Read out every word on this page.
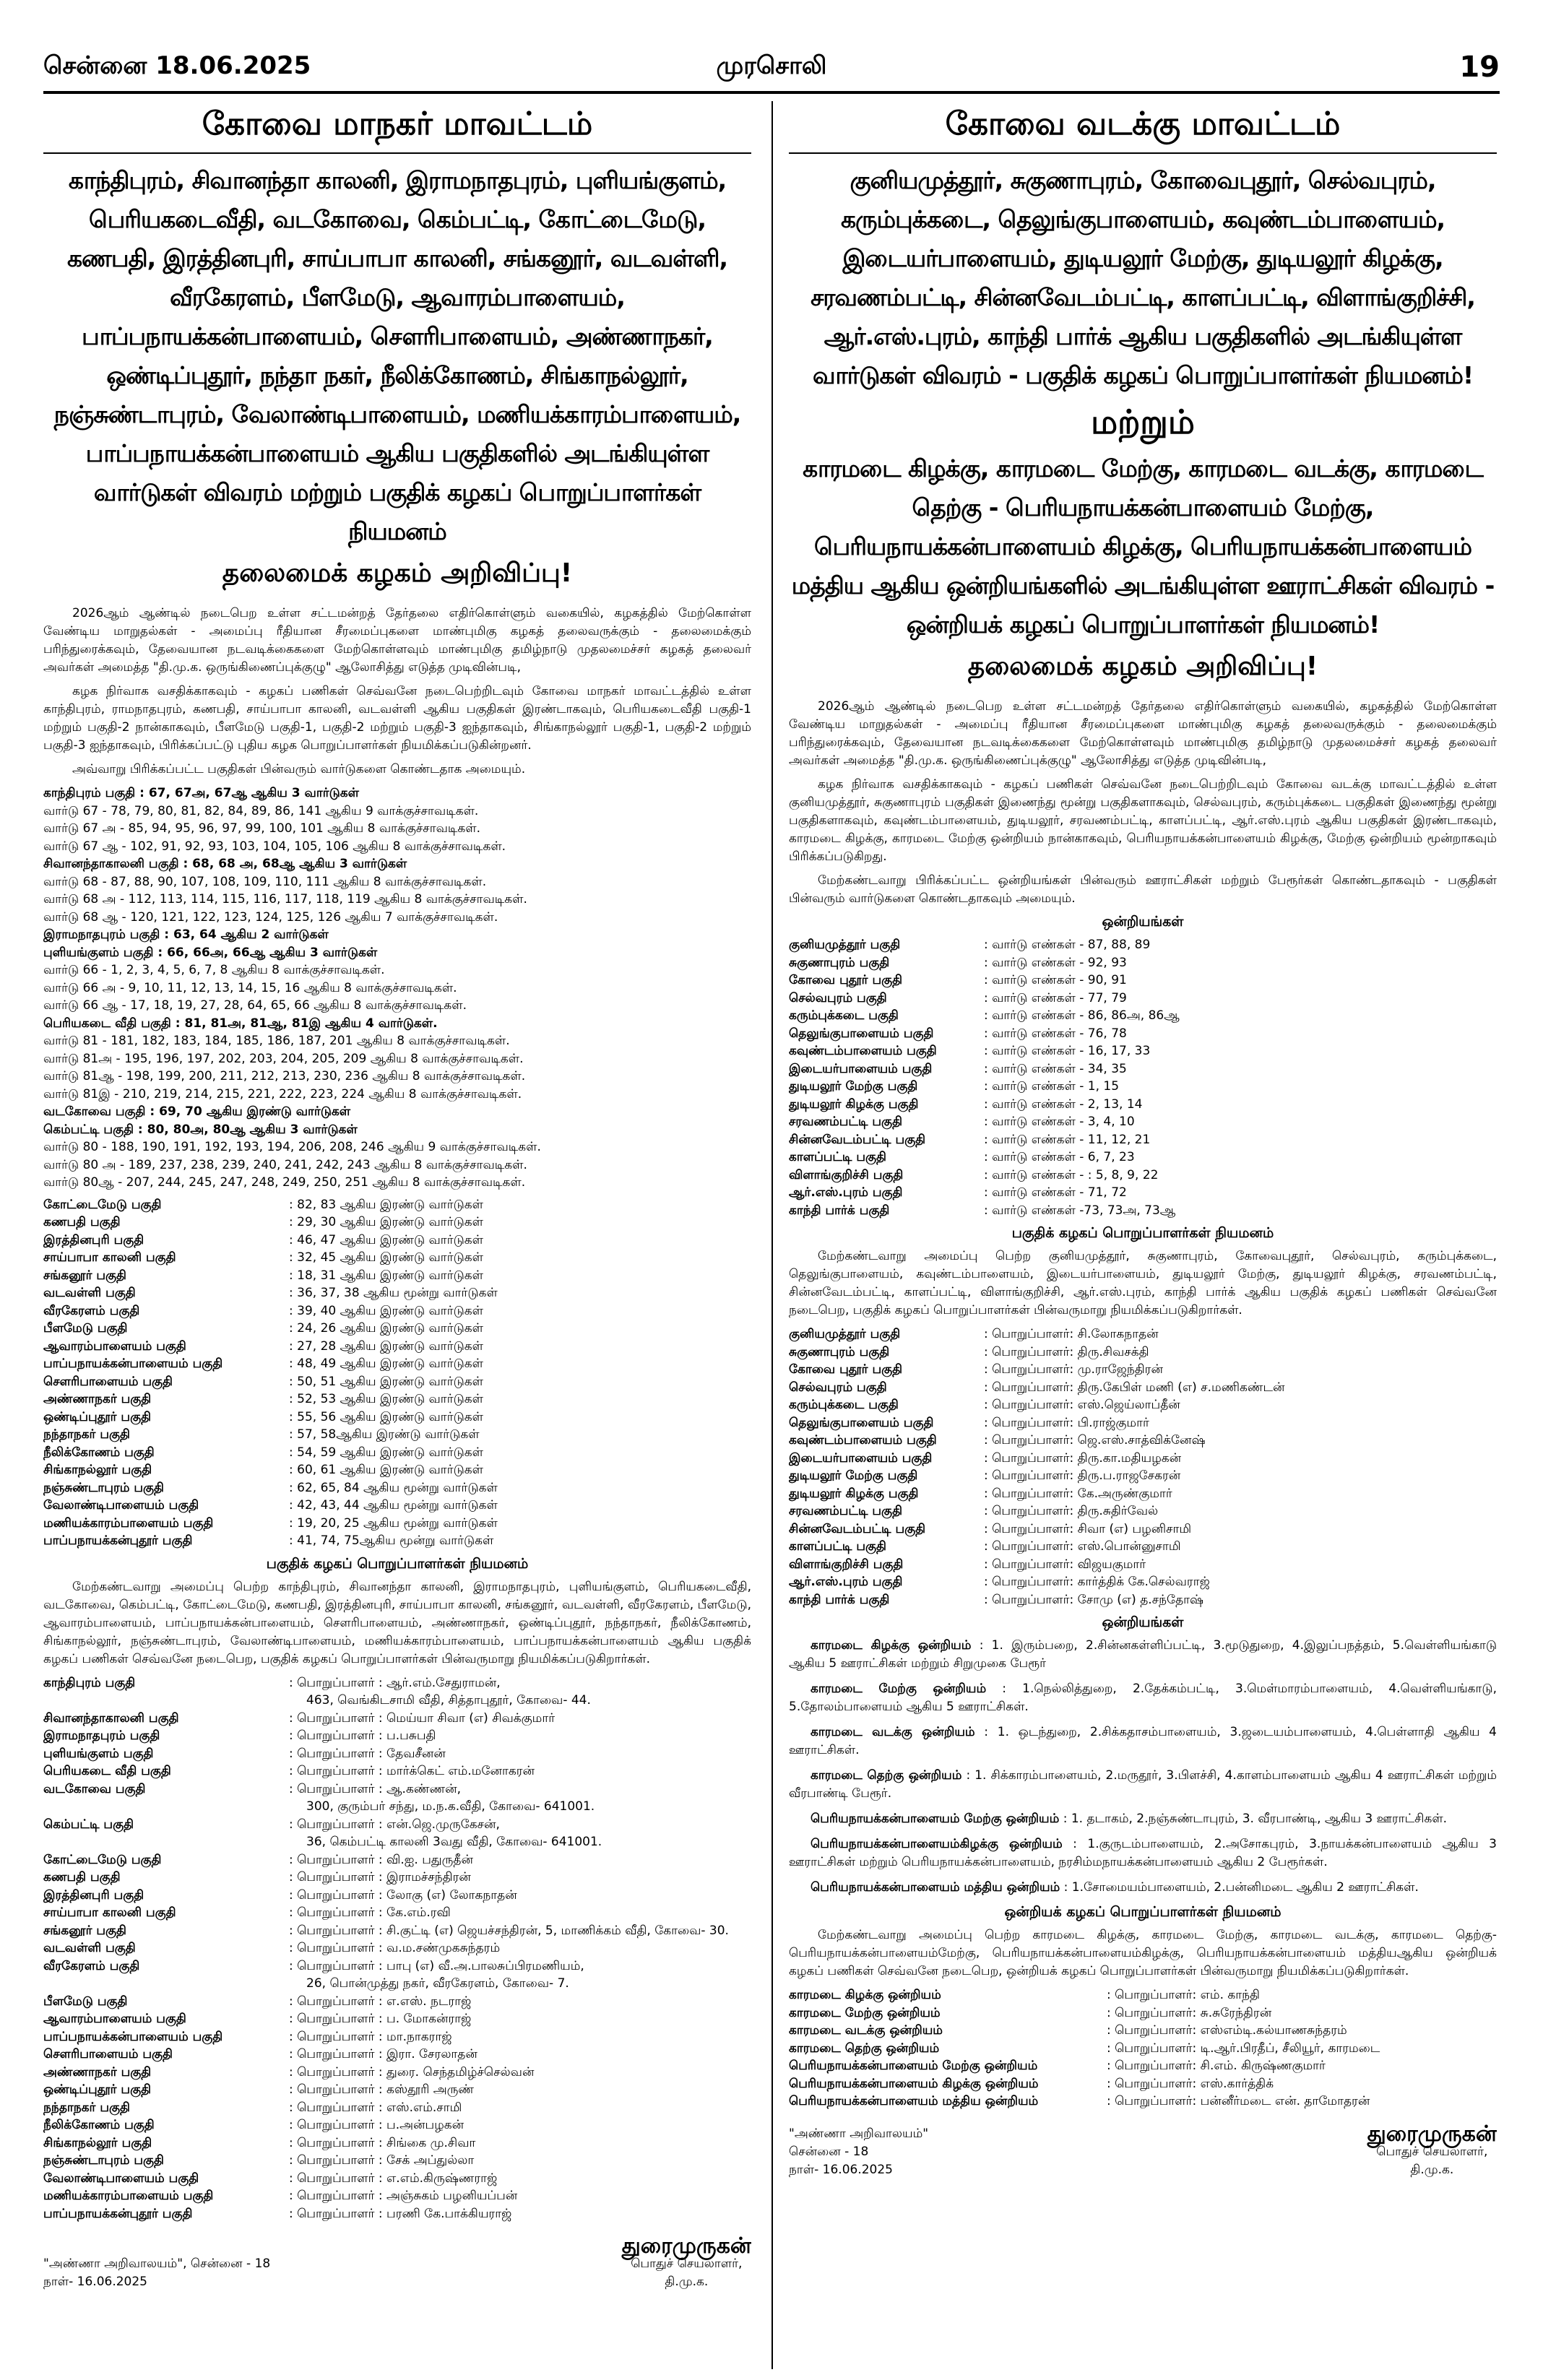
சென்னை 18.06.2025	முரசொலி	19
கோவை மாநகர் மாவட்டம்
காந்திபுரம், சிவானந்தா காலனி, இராமநாதபுரம், புளியங்குளம், பெரியகடைவீதி, வடகோவை, கெம்பட்டி, கோட்டைமேடு, கணபதி, இரத்தினபுரி, சாய்பாபா காலனி, சங்கனூர், வடவள்ளி, வீரகேரளம், பீளமேடு, ஆவாரம்பாளையம், பாப்பநாயக்கன்பாளையம், சௌரிபாளையம், அண்ணாநகர், ஒண்டிப்புதூர், நந்தா நகர், நீலிக்கோணம், சிங்காநல்லூர், நஞ்சுண்டாபுரம், வேலாண்டிபாளையம், மணியக்காரம்பாளையம், பாப்பநாயக்கன்பாளையம் ஆகிய பகுதிகளில் அடங்கியுள்ள வார்டுகள் விவரம் மற்றும் பகுதிக் கழகப் பொறுப்பாளர்கள் நியமனம்
தலைமைக் கழகம் அறிவிப்பு!

2026ஆம் ஆண்டில் நடைபெற உள்ள சட்டமன்றத் தேர்தலை எதிர்கொள்ளும் வகையில், கழகத்தில் மேற்கொள்ள வேண்டிய மாறுதல்கள் - அமைப்பு ரீதியான சீரமைப்புகளை மாண்புமிகு கழகத் தலைவருக்கும் - தலைமைக்கும் பரிந்துரைக்கவும், தேவையான நடவடிக்கைகளை மேற்கொள்ளவும் மாண்புமிகு தமிழ்நாடு முதலமைச்சர் கழகத் தலைவர் அவர்கள் அமைத்த "தி.மு.க. ஒருங்கிணைப்புக்குழு" ஆலோசித்து எடுத்த முடிவின்படி,

கழக நிர்வாக வசதிக்காகவும் - கழகப் பணிகள் செவ்வனே நடைபெற்றிடவும் கோவை மாநகர் மாவட்டத்தில் உள்ள காந்திபுரம், ராமநாதபுரம், கணபதி, சாய்பாபா காலனி, வடவள்ளி ஆகிய பகுதிகள் இரண்டாகவும், பெரியகடைவீதி பகுதி-1 மற்றும் பகுதி-2 நான்காகவும், பீளமேடு பகுதி-1, பகுதி-2 மற்றும் பகுதி-3 ஐந்தாகவும், சிங்காநல்லூர் பகுதி-1, பகுதி-2 மற்றும் பகுதி-3 ஐந்தாகவும், பிரிக்கப்பட்டு புதிய கழக பொறுப்பாளர்கள் நியமிக்கப்படுகின்றனர்.

அவ்வாறு பிரிக்கப்பட்ட பகுதிகள் பின்வரும் வார்டுகளை கொண்டதாக அமையும்.

காந்திபுரம் பகுதி : 67, 67அ, 67ஆ ஆகிய 3 வார்டுகள்
வார்டு 67 - 78, 79, 80, 81, 82, 84, 89, 86, 141 ஆகிய 9 வாக்குச்சாவடிகள்.
வார்டு 67 அ - 85, 94, 95, 96, 97, 99, 100, 101 ஆகிய 8 வாக்குச்சாவடிகள்.
வார்டு 67 ஆ - 102, 91, 92, 93, 103, 104, 105, 106 ஆகிய 8 வாக்குச்சாவடிகள்.
சிவானந்தாகாலனி பகுதி : 68, 68 அ, 68ஆ ஆகிய 3 வார்டுகள்
வார்டு 68 - 87, 88, 90, 107, 108, 109, 110, 111 ஆகிய 8 வாக்குச்சாவடிகள்.
வார்டு 68 அ - 112, 113, 114, 115, 116, 117, 118, 119 ஆகிய 8 வாக்குச்சாவடிகள்.
வார்டு 68 ஆ - 120, 121, 122, 123, 124, 125, 126 ஆகிய 7 வாக்குச்சாவடிகள்.
இராமநாதபுரம் பகுதி : 63, 64 ஆகிய 2 வார்டுகள்
புளியங்குளம் பகுதி : 66, 66அ, 66ஆ ஆகிய 3 வார்டுகள்
வார்டு 66 - 1, 2, 3, 4, 5, 6, 7, 8 ஆகிய 8 வாக்குச்சாவடிகள்.
வார்டு 66 அ - 9, 10, 11, 12, 13, 14, 15, 16 ஆகிய 8 வாக்குச்சாவடிகள்.
வார்டு 66 ஆ - 17, 18, 19, 27, 28, 64, 65, 66 ஆகிய 8 வாக்குச்சாவடிகள்.
பெரியகடை வீதி பகுதி : 81, 81அ, 81ஆ, 81இ ஆகிய 4 வார்டுகள்.
வார்டு 81 - 181, 182, 183, 184, 185, 186, 187, 201 ஆகிய 8 வாக்குச்சாவடிகள்.
வார்டு 81அ - 195, 196, 197, 202, 203, 204, 205, 209 ஆகிய 8 வாக்குச்சாவடிகள்.
வார்டு 81ஆ - 198, 199, 200, 211, 212, 213, 230, 236 ஆகிய 8 வாக்குச்சாவடிகள்.
வார்டு 81இ - 210, 219, 214, 215, 221, 222, 223, 224 ஆகிய 8 வாக்குச்சாவடிகள்.
வடகோவை பகுதி : 69, 70 ஆகிய இரண்டு வார்டுகள்
கெம்பட்டி பகுதி : 80, 80அ, 80ஆ ஆகிய 3 வார்டுகள்
வார்டு 80 - 188, 190, 191, 192, 193, 194, 206, 208, 246 ஆகிய 9 வாக்குச்சாவடிகள்.
வார்டு 80 அ - 189, 237, 238, 239, 240, 241, 242, 243 ஆகிய 8 வாக்குச்சாவடிகள்.
வார்டு 80ஆ - 207, 244, 245, 247, 248, 249, 250, 251 ஆகிய 8 வாக்குச்சாவடிகள்.
கோட்டைமேடு பகுதி	: 82, 83 ஆகிய இரண்டு வார்டுகள்
கணபதி பகுதி	: 29, 30 ஆகிய இரண்டு வார்டுகள்
இரத்தினபுரி பகுதி	: 46, 47 ஆகிய இரண்டு வார்டுகள்
சாய்பாபா காலனி பகுதி	: 32, 45 ஆகிய இரண்டு வார்டுகள்
சங்கனூர் பகுதி	: 18, 31 ஆகிய இரண்டு வார்டுகள்
வடவள்ளி பகுதி	: 36, 37, 38 ஆகிய மூன்று வார்டுகள்
வீரகேரளம் பகுதி	: 39, 40 ஆகிய இரண்டு வார்டுகள்
பீளமேடு பகுதி	: 24, 26 ஆகிய இரண்டு வார்டுகள்
ஆவாரம்பாளையம் பகுதி	: 27, 28 ஆகிய இரண்டு வார்டுகள்
பாப்பநாயக்கன்பாளையம் பகுதி	: 48, 49 ஆகிய இரண்டு வார்டுகள்
சௌரிபாளையம் பகுதி	: 50, 51 ஆகிய இரண்டு வார்டுகள்
அண்ணாநகர் பகுதி	: 52, 53 ஆகிய இரண்டு வார்டுகள்
ஒண்டிப்புதூர் பகுதி	: 55, 56 ஆகிய இரண்டு வார்டுகள்
நந்தாநகர் பகுதி	: 57, 58ஆகிய இரண்டு வார்டுகள்
நீலிக்கோணம் பகுதி	: 54, 59 ஆகிய இரண்டு வார்டுகள்
சிங்காநல்லூர் பகுதி	: 60, 61 ஆகிய இரண்டு வார்டுகள்
நஞ்சுண்டாபுரம் பகுதி	: 62, 65, 84 ஆகிய மூன்று வார்டுகள்
வேலாண்டிபாளையம் பகுதி	: 42, 43, 44 ஆகிய மூன்று வார்டுகள்
மணியக்காரம்பாளையம் பகுதி	: 19, 20, 25 ஆகிய மூன்று வார்டுகள்
பாப்பநாயக்கன்புதூர் பகுதி	: 41, 74, 75ஆகிய மூன்று வார்டுகள்
பகுதிக் கழகப் பொறுப்பாளர்கள் நியமனம்

மேற்கண்டவாறு அமைப்பு பெற்ற காந்திபுரம், சிவானந்தா காலனி, இராமநாதபுரம், புளியங்குளம், பெரியகடைவீதி, வடகோவை, கெம்பட்டி, கோட்டைமேடு, கணபதி, இரத்தினபுரி, சாய்பாபா காலனி, சங்கனூர், வடவள்ளி, வீரகேரளம், பீளமேடு, ஆவாரம்பாளையம், பாப்பநாயக்கன்பாளையம், சௌரிபாளையம், அண்ணாநகர், ஒண்டிப்புதூர், நந்தாநகர், நீலிக்கோணம், சிங்காநல்லூர், நஞ்சுண்டாபுரம், வேலாண்டிபாளையம், மணியக்காரம்பாளையம், பாப்பநாயக்கன்பாளையம் ஆகிய பகுதிக் கழகப் பணிகள் செவ்வனே நடைபெற, பகுதிக் கழகப் பொறுப்பாளர்கள் பின்வருமாறு நியமிக்கப்படுகிறார்கள்.

காந்திபுரம் பகுதி	: பொறுப்பாளர் : ஆர்.எம்.சேதுராமன்,
463, வெங்கிடசாமி வீதி, சித்தாபுதூர், கோவை- 44.
சிவானந்தாகாலனி பகுதி	: பொறுப்பாளர் : மெய்யா சிவா (எ) சிவக்குமார்
இராமநாதபுரம் பகுதி	: பொறுப்பாளர் : ப.பசுபதி
புளியங்குளம் பகுதி	: பொறுப்பாளர் : தேவசீனன்
பெரியகடை வீதி பகுதி	: பொறுப்பாளர் : மார்க்கெட் எம்.மனோகரன்
வடகோவை பகுதி	: பொறுப்பாளர் : ஆ.கண்ணன்,
300, குரும்பர் சந்து, ம.ந.க.வீதி, கோவை- 641001.
கெம்பட்டி பகுதி	: பொறுப்பாளர் : என்.ஜெ.முருகேசன்,
36, கெம்பட்டி காலனி 3வது வீதி, கோவை- 641001.
கோட்டைமேடு பகுதி	: பொறுப்பாளர் : வி.ஐ. பதுருதீன்
கணபதி பகுதி	: பொறுப்பாளர் : இராமச்சந்திரன்
இரத்தினபுரி பகுதி	: பொறுப்பாளர் : லோகு (எ) லோகநாதன்
சாய்பாபா காலனி பகுதி	: பொறுப்பாளர் : கே.எம்.ரவி
சங்கனூர் பகுதி	: பொறுப்பாளர் : சி.குட்டி (எ) ஜெயச்சந்திரன், 5, மாணிக்கம் வீதி, கோவை- 30.
வடவள்ளி பகுதி	: பொறுப்பாளர் : வ.ம.சண்முகசுந்தரம்
வீரகேரளம் பகுதி	: பொறுப்பாளர் : பாபு (எ) வீ.அ.பாலசுப்பிரமணியம்,
26, பொன்முத்து நகர், வீரகேரளம், கோவை- 7.
பீளமேடு பகுதி	: பொறுப்பாளர் : எ.எஸ். நடராஜ்
ஆவாரம்பாளையம் பகுதி	: பொறுப்பாளர் : ப. மோகன்ராஜ்
பாப்பநாயக்கன்பாளையம் பகுதி	: பொறுப்பாளர் : மா.நாகராஜ்
சௌரிபாளையம் பகுதி	: பொறுப்பாளர் : இரா. சேரலாதன்
அண்ணாநகர் பகுதி	: பொறுப்பாளர் : துரை. செந்தமிழ்ச்செல்வன்
ஒண்டிப்புதூர் பகுதி	: பொறுப்பாளர் : கஸ்தூரி அருண்
நந்தாநகர் பகுதி	: பொறுப்பாளர் : எஸ்.எம்.சாமி
நீலிக்கோணம் பகுதி	: பொறுப்பாளர் : ப.அன்பழகன்
சிங்காநல்லூர் பகுதி	: பொறுப்பாளர் : சிங்கை மு.சிவா
நஞ்சுண்டாபுரம் பகுதி	: பொறுப்பாளர் : சேக் அப்துல்லா
வேலாண்டிபாளையம் பகுதி	: பொறுப்பாளர் : எ.எம்.கிருஷ்ணராஜ்
மணியக்காரம்பாளையம் பகுதி	: பொறுப்பாளர் : அஞ்சுகம் பழனியப்பன்
பாப்பநாயக்கன்புதூர் பகுதி	: பொறுப்பாளர் : பரணி கே.பாக்கியராஜ்
"அண்ணா அறிவாலயம்", சென்னை - 18
நாள்- 16.06.2025
துரைமுருகன்
பொதுச் செயலாளர்,
தி.மு.க.
கோவை வடக்கு மாவட்டம்
குனியமுத்தூர், சுகுணாபுரம், கோவைபுதூர், செல்வபுரம், கரும்புக்கடை, தெலுங்குபாளையம், கவுண்டம்பாளையம், இடையர்பாளையம், துடியலூர் மேற்கு, துடியலூர் கிழக்கு, சரவணம்பட்டி, சின்னவேடம்பட்டி, காளப்பட்டி, விளாங்குறிச்சி, ஆர்.எஸ்.புரம், காந்தி பார்க் ஆகிய பகுதிகளில் அடங்கியுள்ள வார்டுகள் விவரம் - பகுதிக் கழகப் பொறுப்பாளர்கள் நியமனம்!
மற்றும்
காரமடை கிழக்கு, காரமடை மேற்கு, காரமடை வடக்கு, காரமடை தெற்கு - பெரியநாயக்கன்பாளையம் மேற்கு, பெரியநாயக்கன்பாளையம் கிழக்கு, பெரியநாயக்கன்பாளையம் மத்திய ஆகிய ஒன்றியங்களில் அடங்கியுள்ள ஊராட்சிகள் விவரம் - ஒன்றியக் கழகப் பொறுப்பாளர்கள் நியமனம்!
தலைமைக் கழகம் அறிவிப்பு!

2026ஆம் ஆண்டில் நடைபெற உள்ள சட்டமன்றத் தேர்தலை எதிர்கொள்ளும் வகையில், கழகத்தில் மேற்கொள்ள வேண்டிய மாறுதல்கள் - அமைப்பு ரீதியான சீரமைப்புகளை மாண்புமிகு கழகத் தலைவருக்கும் - தலைமைக்கும் பரிந்துரைக்கவும், தேவையான நடவடிக்கைகளை மேற்கொள்ளவும் மாண்புமிகு தமிழ்நாடு முதலமைச்சர் கழகத் தலைவர் அவர்கள் அமைத்த "தி.மு.க. ஒருங்கிணைப்புக்குழு" ஆலோசித்து எடுத்த முடிவின்படி,

கழக நிர்வாக வசதிக்காகவும் - கழகப் பணிகள் செவ்வனே நடைபெற்றிடவும் கோவை வடக்கு மாவட்டத்தில் உள்ள குனியமுத்தூர், சுகுணாபுரம் பகுதிகள் இணைந்து மூன்று பகுதிகளாகவும், செல்வபுரம், கரும்புக்கடை பகுதிகள் இணைந்து மூன்று பகுதிகளாகவும், கவுண்டம்பாளையம், துடியலூர், சரவணம்பட்டி, காளப்பட்டி, ஆர்.எஸ்.புரம் ஆகிய பகுதிகள் இரண்டாகவும், காரமடை கிழக்கு, காரமடை மேற்கு ஒன்றியம் நான்காகவும், பெரியநாயக்கன்பாளையம் கிழக்கு, மேற்கு ஒன்றியம் மூன்றாகவும் பிரிக்கப்படுகிறது.

மேற்கண்டவாறு பிரிக்கப்பட்ட ஒன்றியங்கள் பின்வரும் ஊராட்சிகள் மற்றும் பேரூர்கள் கொண்டதாகவும் - பகுதிகள் பின்வரும் வார்டுகளை கொண்டதாகவும் அமையும்.

ஒன்றியங்கள்
குனியமுத்தூர் பகுதி	: வார்டு எண்கள் - 87, 88, 89
சுகுணாபுரம் பகுதி	: வார்டு எண்கள் - 92, 93
கோவை புதூர் பகுதி	: வார்டு எண்கள் - 90, 91
செல்வபுரம் பகுதி	: வார்டு எண்கள் - 77, 79
கரும்புக்கடை பகுதி	: வார்டு எண்கள் - 86, 86அ, 86ஆ
தெலுங்குபாளையம் பகுதி	: வார்டு எண்கள் - 76, 78
கவுண்டம்பாளையம் பகுதி	: வார்டு எண்கள் - 16, 17, 33
இடையர்பாளையம் பகுதி	: வார்டு எண்கள் - 34, 35
துடியலூர் மேற்கு பகுதி	: வார்டு எண்கள் - 1, 15
துடியலூர் கிழக்கு பகுதி	: வார்டு எண்கள் - 2, 13, 14
சரவணம்பட்டி பகுதி	: வார்டு எண்கள் - 3, 4, 10
சின்னவேடம்பட்டி பகுதி	: வார்டு எண்கள் - 11, 12, 21
காளப்பட்டி பகுதி	: வார்டு எண்கள் - 6, 7, 23
விளாங்குறிச்சி பகுதி	: வார்டு எண்கள் - : 5, 8, 9, 22
ஆர்.எஸ்.புரம் பகுதி	: வார்டு எண்கள் - 71, 72
காந்தி பார்க் பகுதி	: வார்டு எண்கள் -73, 73அ, 73ஆ
பகுதிக் கழகப் பொறுப்பாளர்கள் நியமனம்

மேற்கண்டவாறு அமைப்பு பெற்ற குனியமுத்தூர், சுகுணாபுரம், கோவைபுதூர், செல்வபுரம், கரும்புக்கடை, தெலுங்குபாளையம், கவுண்டம்பாளையம், இடையர்பாளையம், துடியலூர் மேற்கு, துடியலூர் கிழக்கு, சரவணம்பட்டி, சின்னவேடம்பட்டி, காளப்பட்டி, விளாங்குறிச்சி, ஆர்.எஸ்.புரம், காந்தி பார்க் ஆகிய பகுதிக் கழகப் பணிகள் செவ்வனே நடைபெற, பகுதிக் கழகப் பொறுப்பாளர்கள் பின்வருமாறு நியமிக்கப்படுகிறார்கள்.

குனியமுத்தூர் பகுதி	: பொறுப்பாளர்: சி.லோகநாதன்
சுகுணாபுரம் பகுதி	: பொறுப்பாளர்: திரு.சிவசக்தி
கோவை புதூர் பகுதி	: பொறுப்பாளர்: மு.ராஜேந்திரன்
செல்வபுரம் பகுதி	: பொறுப்பாளர்: திரு.கேபிள் மணி (எ) ச.மணிகண்டன்
கரும்புக்கடை பகுதி	: பொறுப்பாளர்: எஸ்.ஜெய்லாப்தீன்
தெலுங்குபாளையம் பகுதி	: பொறுப்பாளர்: பி.ராஜ்குமார்
கவுண்டம்பாளையம் பகுதி	: பொறுப்பாளர்: ஜெ.எஸ்.சாத்விக்னேஷ்
இடையர்பாளையம் பகுதி	: பொறுப்பாளர்: திரு.கா.மதியழகன்
துடியலூர் மேற்கு பகுதி	: பொறுப்பாளர்: திரு.ப.ராஜசேகரன்
துடியலூர் கிழக்கு பகுதி	: பொறுப்பாளர்: கே.அருண்குமார்
சரவணம்பட்டி பகுதி	: பொறுப்பாளர்: திரு.சுதிர்வேல்
சின்னவேடம்பட்டி பகுதி	: பொறுப்பாளர்: சிவா (எ) பழனிசாமி
காளப்பட்டி பகுதி	: பொறுப்பாளர்: எஸ்.பொன்னுசாமி
விளாங்குறிச்சி பகுதி	: பொறுப்பாளர்: விஜயகுமார்
ஆர்.எஸ்.புரம் பகுதி	: பொறுப்பாளர்: கார்த்திக் கே.செல்வராஜ்
காந்தி பார்க் பகுதி	: பொறுப்பாளர்: சோமு (எ) த.சந்தோஷ்
ஒன்றியங்கள்

காரமடை கிழக்கு ஒன்றியம் : 1. இரும்பறை, 2.சின்னகள்ளிப்பட்டி, 3.மூடுதுறை, 4.இலுப்பநத்தம், 5.வெள்ளியங்காடு ஆகிய 5 ஊராட்சிகள் மற்றும் சிறுமுகை பேரூர்

காரமடை மேற்கு ஒன்றியம் : 1.நெல்லித்துறை, 2.தேக்கம்பட்டி, 3.மெள்மாரம்பாளையம், 4.வெள்ளியங்காடு, 5.தோலம்பாளையம் ஆகிய 5 ஊராட்சிகள்.

காரமடை வடக்கு ஒன்றியம் : 1. ஒடந்துறை, 2.சிக்கதாசம்பாளையம், 3.ஜடையம்பாளையம், 4.பெள்ளாதி ஆகிய 4 ஊராட்சிகள்.

காரமடை தெற்கு ஒன்றியம் : 1. சிக்காரம்பாளையம், 2.மருதூர், 3.பிளச்சி, 4.காளம்பாளையம் ஆகிய 4 ஊராட்சிகள் மற்றும் வீரபாண்டி பேரூர்.

பெரியநாயக்கன்பாளையம் மேற்கு ஒன்றியம் : 1. தடாகம், 2.நஞ்சுண்டாபுரம், 3. வீரபாண்டி, ஆகிய 3 ஊராட்சிகள்.

பெரியநாயக்கன்பாளையம்கிழக்கு ஒன்றியம் : 1.குருடம்பாளையம், 2.அசோகபுரம், 3.நாயக்கன்பாளையம் ஆகிய 3 ஊராட்சிகள் மற்றும் பெரியநாயக்கன்பாளையம், நரசிம்மநாயக்கன்பாளையம் ஆகிய 2 பேரூர்கள்.

பெரியநாயக்கன்பாளையம் மத்திய ஒன்றியம் : 1.சோமையம்பாளையம், 2.பன்னிமடை ஆகிய 2 ஊராட்சிகள்.

ஒன்றியக் கழகப் பொறுப்பாளர்கள் நியமனம்

மேற்கண்டவாறு அமைப்பு பெற்ற காரமடை கிழக்கு, காரமடை மேற்கு, காரமடை வடக்கு, காரமடை தெற்கு- பெரியநாயக்கன்பாளையம்மேற்கு, பெரியநாயக்கன்பாளையம்கிழக்கு, பெரியநாயக்கன்பாளையம் மத்தியஆகிய ஒன்றியக் கழகப் பணிகள் செவ்வனே நடைபெற, ஒன்றியக் கழகப் பொறுப்பாளர்கள் பின்வருமாறு நியமிக்கப்படுகிறார்கள்.

காரமடை கிழக்கு ஒன்றியம்	: பொறுப்பாளர்: எம். காந்தி
காரமடை மேற்கு ஒன்றியம்	: பொறுப்பாளர்: சு.சுரேந்திரன்
காரமடை வடக்கு ஒன்றியம்	: பொறுப்பாளர்: எஸ்எம்டி.கல்யாணசுந்தரம்
காரமடை தெற்கு ஒன்றியம்	: பொறுப்பாளர்: டி.ஆர்.பிரதீப், சீலியூர், காரமடை
பெரியநாயக்கன்பாளையம் மேற்கு ஒன்றியம்	: பொறுப்பாளர்: சி.எம். கிருஷ்ணகுமார்
பெரியநாயக்கன்பாளையம் கிழக்கு ஒன்றியம்	: பொறுப்பாளர்: எஸ்.கார்த்திக்
பெரியநாயக்கன்பாளையம் மத்திய ஒன்றியம்	: பொறுப்பாளர்: பன்னீர்மடை என். தாமோதரன்
"அண்ணா அறிவாலயம்"
சென்னை - 18
நாள்- 16.06.2025
துரைமுருகன்
பொதுச் செயலாளர்,
தி.மு.க.
